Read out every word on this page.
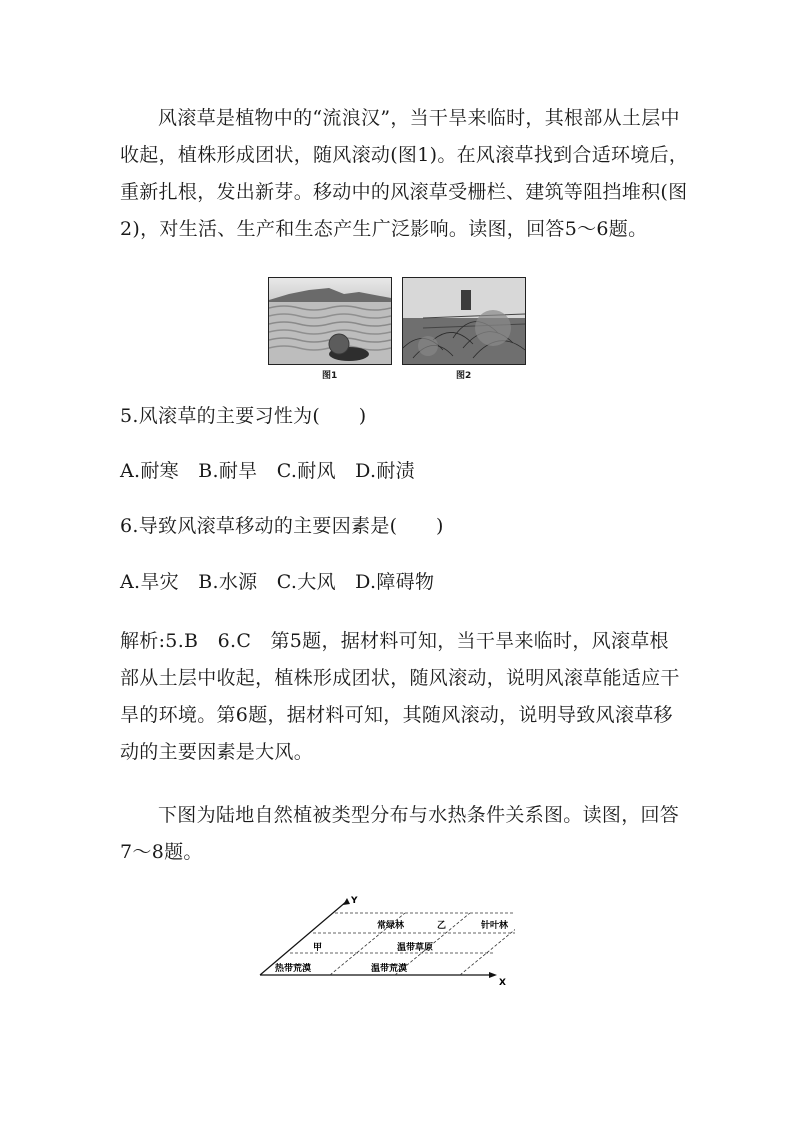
风滚草是植物中的“流浪汉”，当干旱来临时，其根部从土层中收起，植株形成团状，随风滚动(图1)。在风滚草找到合适环境后，重新扎根，发出新芽。移动中的风滚草受栅栏、建筑等阻挡堆积(图2)，对生活、生产和生态产生广泛影响。读图，回答5～6题。
图1	图2
5.风滚草的主要习性为(　　)
A.耐寒　B.耐旱　C.耐风　D.耐渍
6.导致风滚草移动的主要因素是(　　)
A.旱灾　B.水源　C.大风　D.障碍物
解析:5.B　6.C　第5题，据材料可知，当干旱来临时，风滚草根部从土层中收起，植株形成团状，随风滚动，说明风滚草能适应干旱的环境。第6题，据材料可知，其随风滚动，说明导致风滚草移动的主要因素是大风。
下图为陆地自然植被类型分布与水热条件关系图。读图，回答7～8题。
Y
X
常绿林	乙	针叶林
甲	温带草原
热带荒漠	温带荒漠
